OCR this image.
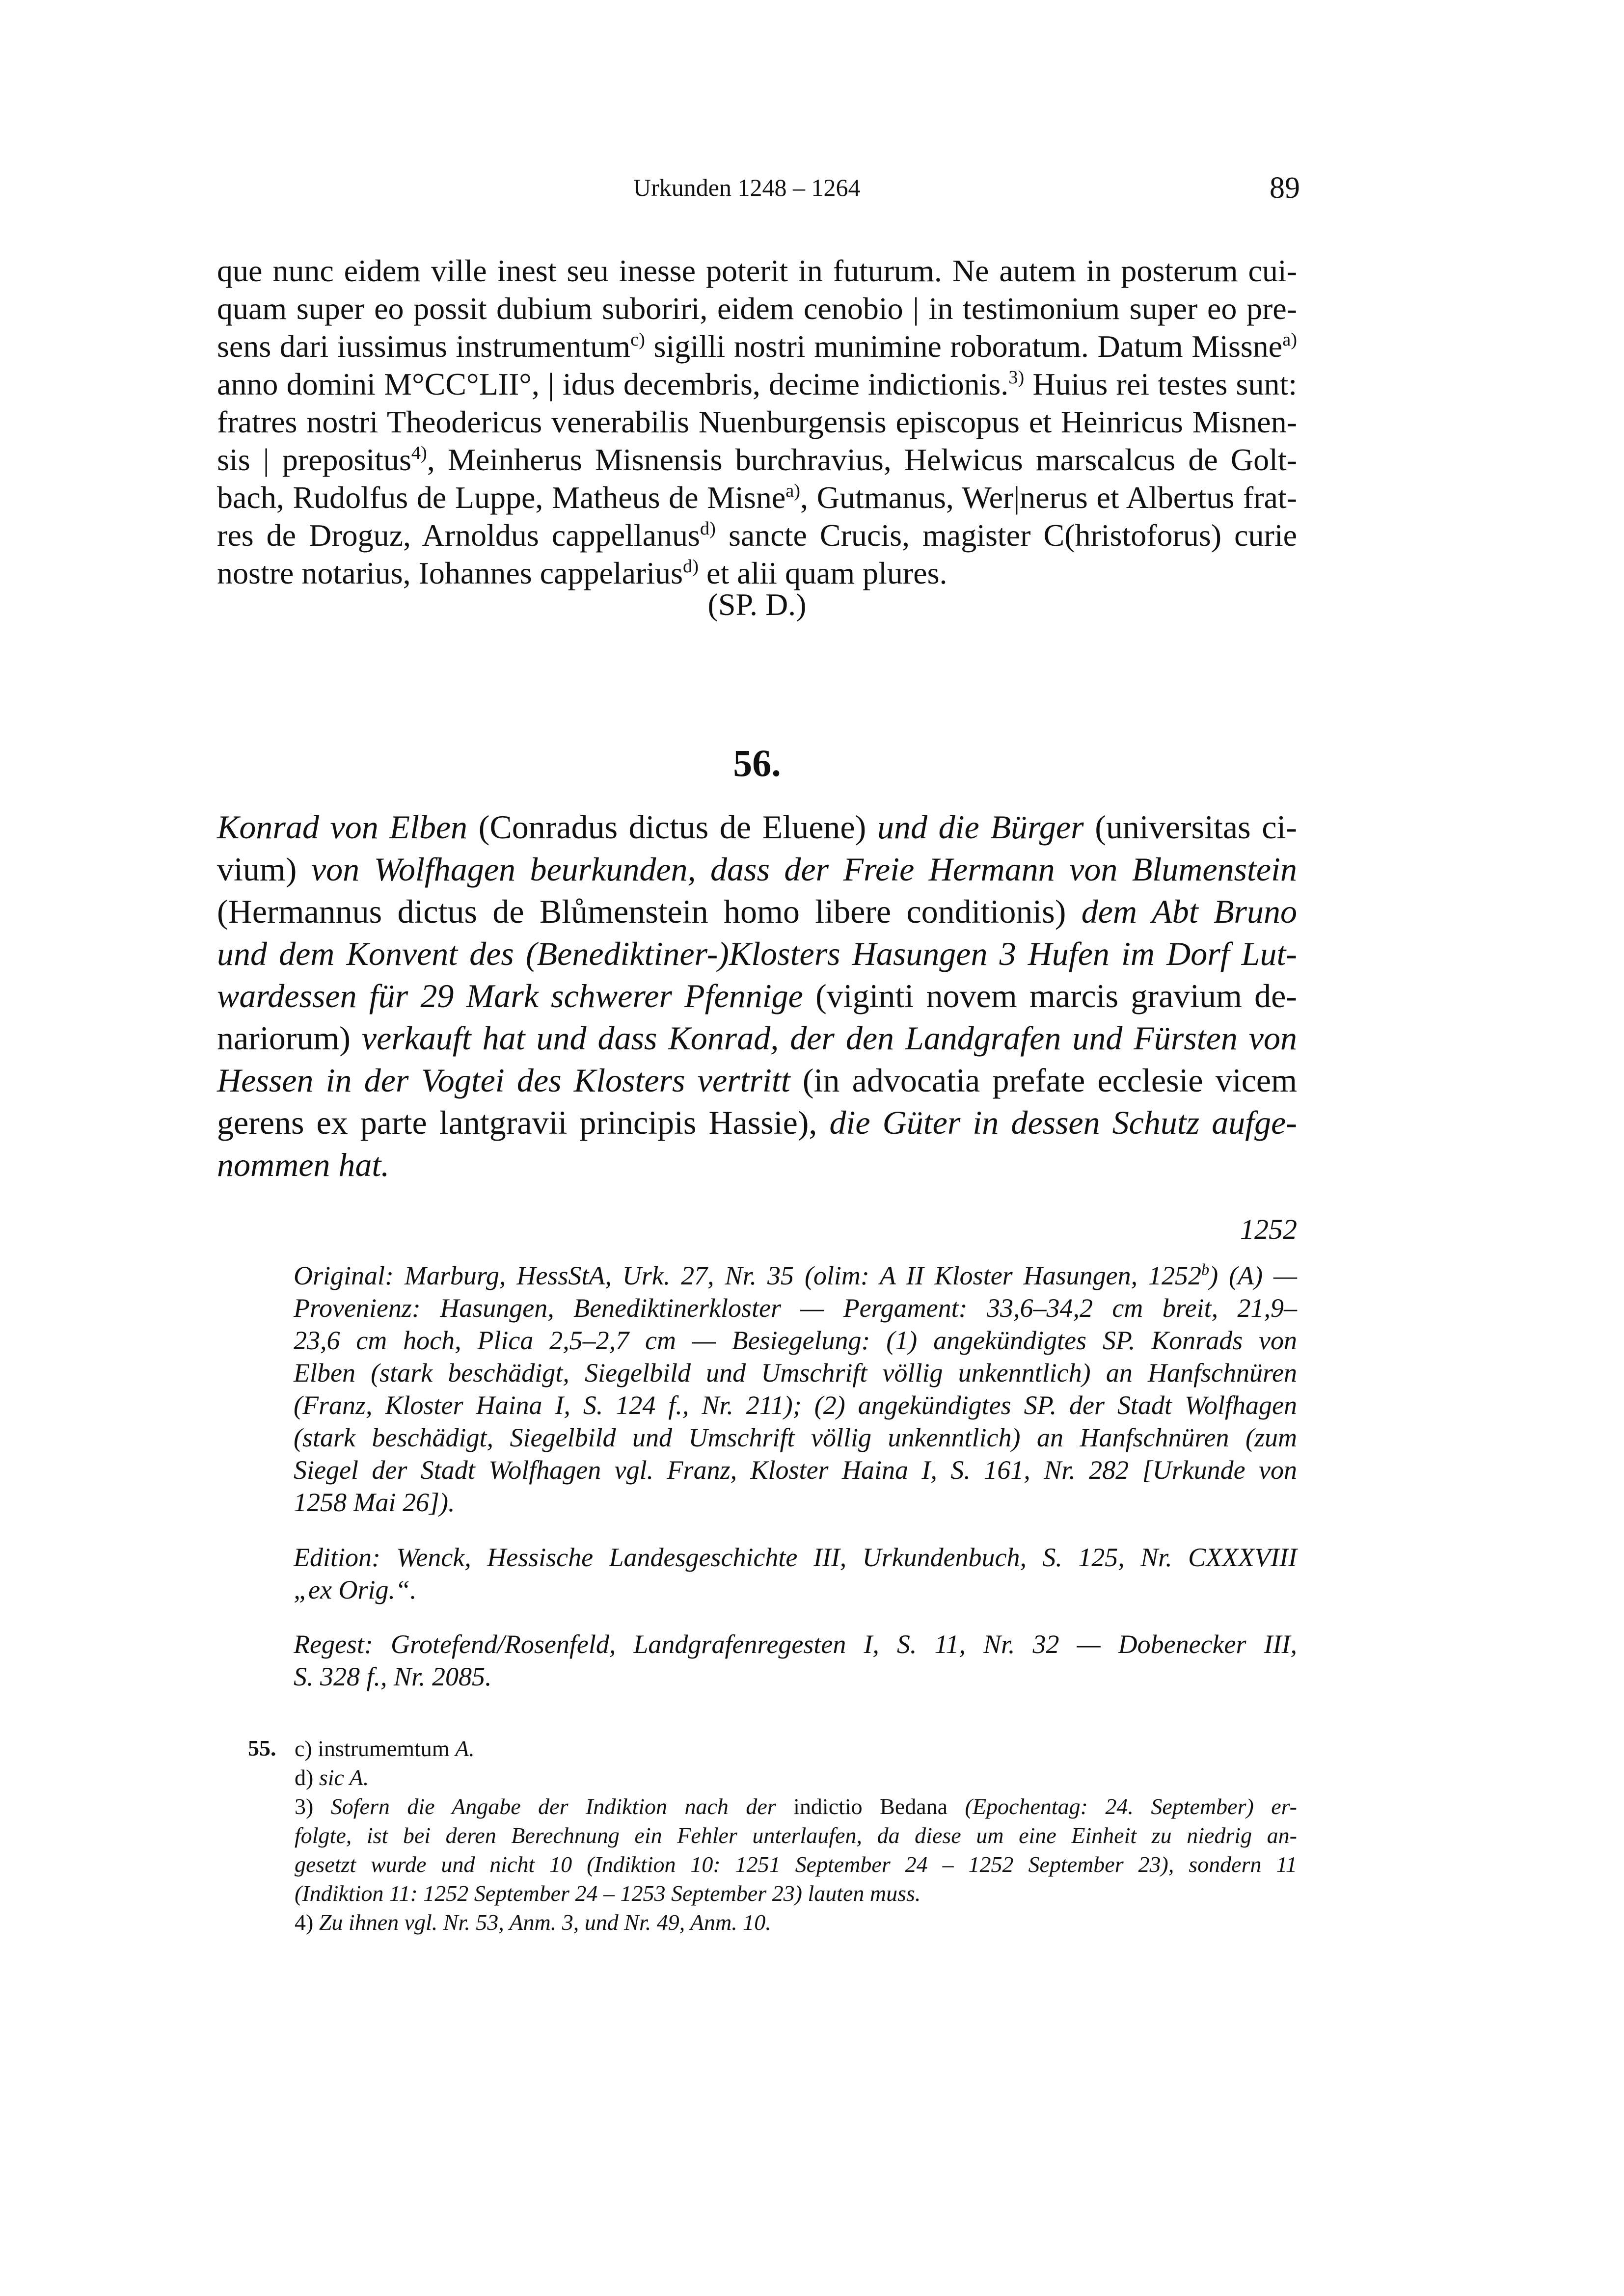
Urkunden 1248 – 1264	89
que nunc eidem ville inest seu inesse poterit in futurum. Ne autem in posterum cui-
quam super eo possit dubium suboriri, eidem cenobio | in testimonium super eo pre-
sens dari iussimus instrumentum$^{c)}$ sigilli nostri munimine roboratum. Datum Missne$^{a)}$
anno domini M°CC°LII°, | idus decembris, decime indictionis.$^{3)}$ Huius rei testes sunt:
fratres nostri Theodericus venerabilis Nuenburgensis episcopus et Heinricus Misnen-
sis | prepositus$^{4)}$, Meinherus Misnensis burchravius, Helwicus marscalcus de Golt-
bach, Rudolfus de Luppe, Matheus de Misne$^{a)}$, Gutmanus, Wer|nerus et Albertus frat-
res de Droguz, Arnoldus cappellanus$^{d)}$ sancte Crucis, magister C(hristoforus) curie
nostre notarius, Iohannes cappelarius$^{d)}$ et alii quam plures.
(SP. D.)
56.
Konrad von Elben (Conradus dictus de Eluene) und die Bürger (universitas ci-
vium) von Wolfhagen beurkunden, dass der Freie Hermann von Blumenstein
(Hermannus dictus de Blůmenstein homo libere conditionis) dem Abt Bruno
und dem Konvent des (Benediktiner-)Klosters Hasungen 3 Hufen im Dorf Lut-
wardessen für 29 Mark schwerer Pfennige (viginti novem marcis gravium de-
nariorum) verkauft hat und dass Konrad, der den Landgrafen und Fürsten von
Hessen in der Vogtei des Klosters vertritt (in advocatia prefate ecclesie vicem
gerens ex parte lantgravii principis Hassie), die Güter in dessen Schutz aufge-
nommen hat.
1252
Original: Marburg, HessStA, Urk. 27, Nr. 35 (olim: A II Kloster Hasungen, 1252$^b$) (A) —
Provenienz: Hasungen, Benediktinerkloster — Pergament: 33,6–34,2 cm breit, 21,9–
23,6 cm hoch, Plica 2,5–2,7 cm — Besiegelung: (1) angekündigtes SP. Konrads von
Elben (stark beschädigt, Siegelbild und Umschrift völlig unkenntlich) an Hanfschnüren
(Franz, Kloster Haina I, S. 124 f., Nr. 211); (2) angekündigtes SP. der Stadt Wolfhagen
(stark beschädigt, Siegelbild und Umschrift völlig unkenntlich) an Hanfschnüren (zum
Siegel der Stadt Wolfhagen vgl. Franz, Kloster Haina I, S. 161, Nr. 282 [Urkunde von
1258 Mai 26]).
Edition: Wenck, Hessische Landesgeschichte III, Urkundenbuch, S. 125, Nr. CXXXVIII
„ex Orig.“.
Regest: Grotefend/Rosenfeld, Landgrafenregesten I, S. 11, Nr. 32 — Dobenecker III,
S. 328 f., Nr. 2085.
55. c) instrumemtum A.
d) sic A.
3) Sofern die Angabe der Indiktion nach der indictio Bedana (Epochentag: 24. September) er-
folgte, ist bei deren Berechnung ein Fehler unterlaufen, da diese um eine Einheit zu niedrig an-
gesetzt wurde und nicht 10 (Indiktion 10: 1251 September 24 – 1252 September 23), sondern 11
(Indiktion 11: 1252 September 24 – 1253 September 23) lauten muss.
4) Zu ihnen vgl. Nr. 53, Anm. 3, und Nr. 49, Anm. 10.
